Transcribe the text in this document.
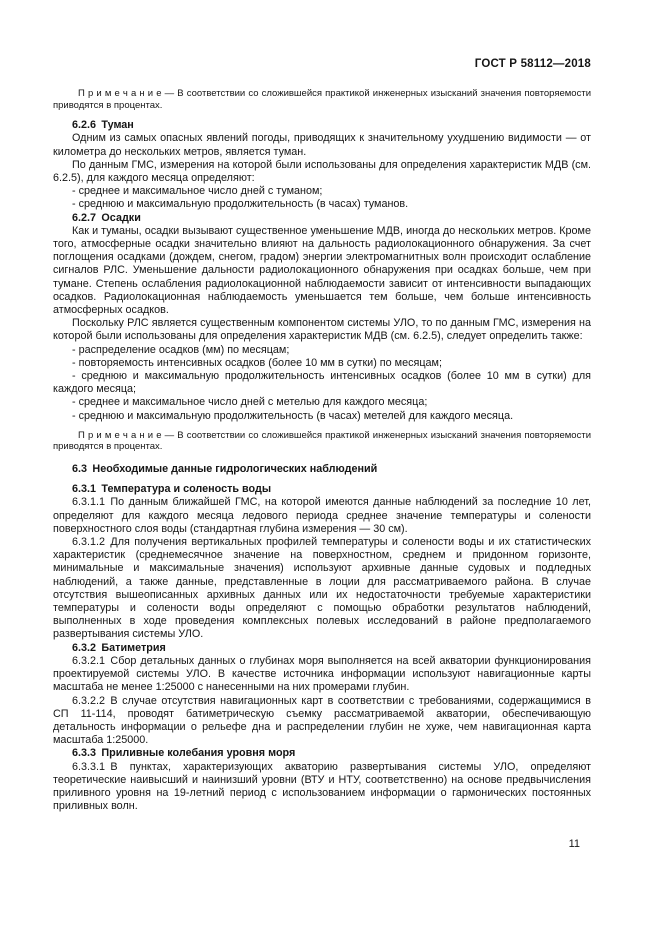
ГОСТ Р 58112—2018

П р и м е ч а н и е — В соответствии со сложившейся практикой инженерных изысканий значения повторяемости приводятся в процентах.

6.2.6 Туман

Одним из самых опасных явлений погоды, приводящих к значительному ухудшению видимости — от километра до нескольких метров, является туман.

По данным ГМС, измерения на которой были использованы для определения характеристик МДВ (см. 6.2.5), для каждого месяца определяют:

- среднее и максимальное число дней с туманом;

- среднюю и максимальную продолжительность (в часах) туманов.

6.2.7 Осадки

Как и туманы, осадки вызывают существенное уменьшение МДВ, иногда до нескольких метров. Кроме того, атмосферные осадки значительно влияют на дальность радиолокационного обнаружения. За счет поглощения осадками (дождем, снегом, градом) энергии электромагнитных волн происходит ослабление сигналов РЛС. Уменьшение дальности радиолокационного обнаружения при осадках больше, чем при тумане. Степень ослабления радиолокационной наблюдаемости зависит от интенсивности выпадающих осадков. Радиолокационная наблюдаемость уменьшается тем больше, чем больше интенсивность атмосферных осадков.

Поскольку РЛС является существенным компонентом системы УЛО, то по данным ГМС, измерения на которой были использованы для определения характеристик МДВ (см. 6.2.5), следует определить также:

- распределение осадков (мм) по месяцам;

- повторяемость интенсивных осадков (более 10 мм в сутки) по месяцам;

- среднюю и максимальную продолжительность интенсивных осадков (более 10 мм в сутки) для каждого месяца;

- среднее и максимальное число дней с метелью для каждого месяца;

- среднюю и максимальную продолжительность (в часах) метелей для каждого месяца.

П р и м е ч а н и е — В соответствии со сложившейся практикой инженерных изысканий значения повторяемости приводятся в процентах.

6.3 Необходимые данные гидрологических наблюдений

6.3.1 Температура и соленость воды

6.3.1.1 По данным ближайшей ГМС, на которой имеются данные наблюдений за последние 10 лет, определяют для каждого месяца ледового периода среднее значение температуры и солености поверхностного слоя воды (стандартная глубина измерения — 30 см).

6.3.1.2 Для получения вертикальных профилей температуры и солености воды и их статистических характеристик (среднемесячное значение на поверхностном, среднем и придонном горизонте, минимальные и максимальные значения) используют архивные данные судовых и подледных наблюдений, а также данные, представленные в лоции для рассматриваемого района. В случае отсутствия вышеописанных архивных данных или их недостаточности требуемые характеристики температуры и солености воды определяют с помощью обработки результатов наблюдений, выполненных в ходе проведения комплексных полевых исследований в районе предполагаемого развертывания системы УЛО.

6.3.2 Батиметрия

6.3.2.1 Сбор детальных данных о глубинах моря выполняется на всей акватории функционирования проектируемой системы УЛО. В качестве источника информации используют навигационные карты масштаба не менее 1:25000 с нанесенными на них промерами глубин.

6.3.2.2 В случае отсутствия навигационных карт в соответствии с требованиями, содержащимися в СП 11-114, проводят батиметрическую съемку рассматриваемой акватории, обеспечивающую детальность информации о рельефе дна и распределении глубин не хуже, чем навигационная карта масштаба 1:25000.

6.3.3 Приливные колебания уровня моря

6.3.3.1 В пунктах, характеризующих акваторию развертывания системы УЛО, определяют теоретические наивысший и наинизший уровни (ВТУ и НТУ, соответственно) на основе предвычисления приливного уровня на 19-летний период с использованием информации о гармонических постоянных приливных волн.

11
